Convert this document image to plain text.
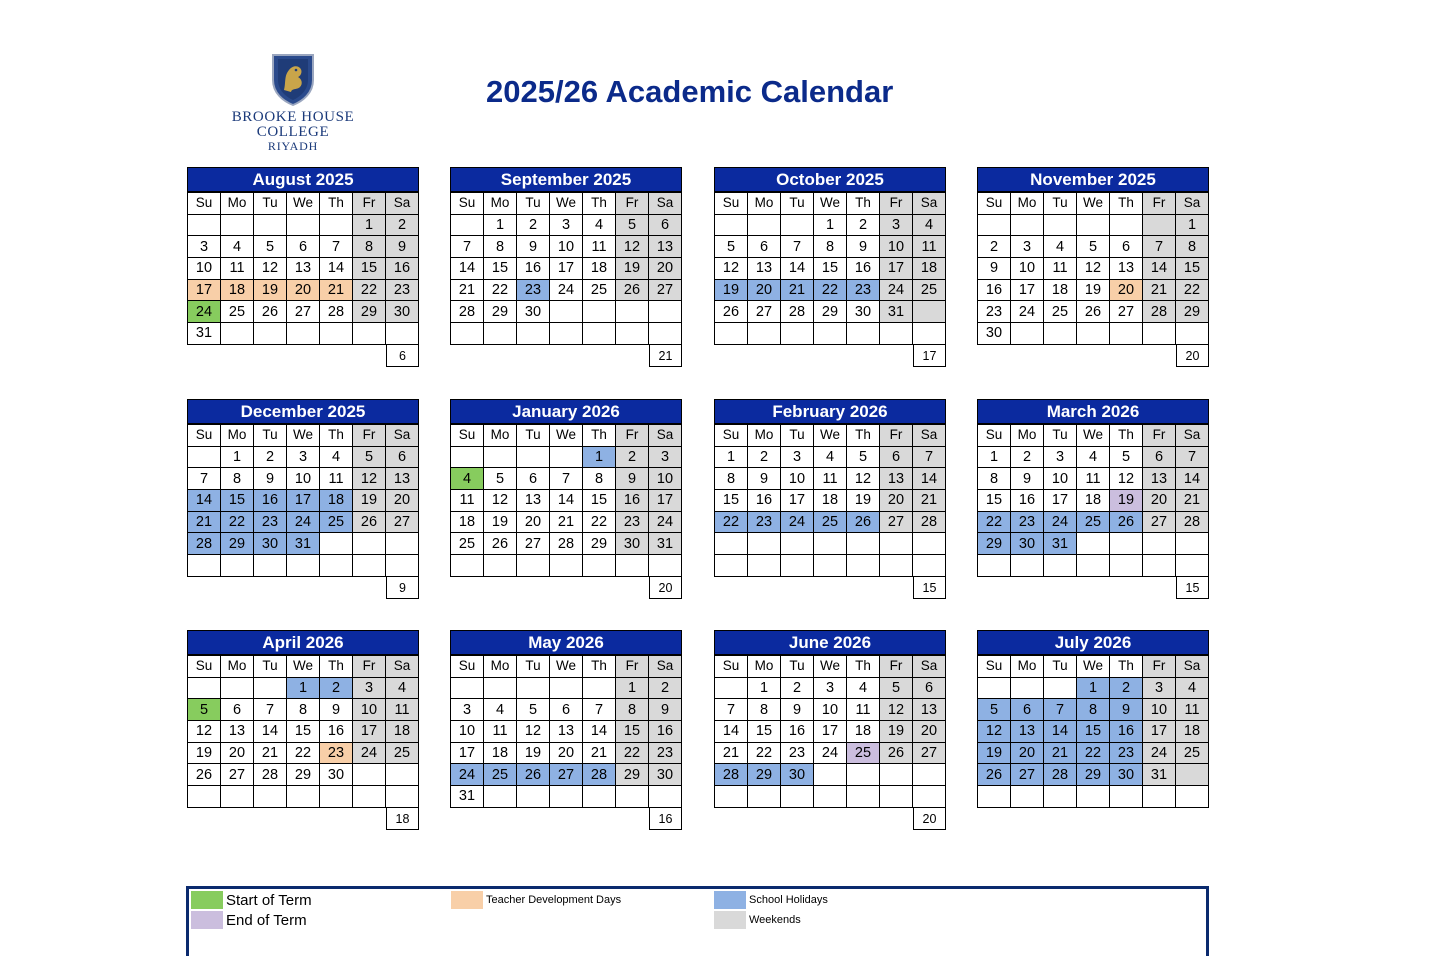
BROOKE HOUSE COLLEGE
RIYADH
2025/26 Academic Calendar
August 2025
Su	Mo	Tu	We	Th	Fr	Sa
					1	2
3	4	5	6	7	8	9
10	11	12	13	14	15	16
17	18	19	20	21	22	23
24	25	26	27	28	29	30
31						
6
September 2025
Su	Mo	Tu	We	Th	Fr	Sa
	1	2	3	4	5	6
7	8	9	10	11	12	13
14	15	16	17	18	19	20
21	22	23	24	25	26	27
28	29	30				

21
October 2025
Su	Mo	Tu	We	Th	Fr	Sa
			1	2	3	4
5	6	7	8	9	10	11
12	13	14	15	16	17	18
19	20	21	22	23	24	25
26	27	28	29	30	31	

17
November 2025
Su	Mo	Tu	We	Th	Fr	Sa
						1
2	3	4	5	6	7	8
9	10	11	12	13	14	15
16	17	18	19	20	21	22
23	24	25	26	27	28	29
30						
20
December 2025
Su	Mo	Tu	We	Th	Fr	Sa
	1	2	3	4	5	6
7	8	9	10	11	12	13
14	15	16	17	18	19	20
21	22	23	24	25	26	27
28	29	30	31			

9
January 2026
Su	Mo	Tu	We	Th	Fr	Sa
				1	2	3
4	5	6	7	8	9	10
11	12	13	14	15	16	17
18	19	20	21	22	23	24
25	26	27	28	29	30	31

20
February 2026
Su	Mo	Tu	We	Th	Fr	Sa
1	2	3	4	5	6	7
8	9	10	11	12	13	14
15	16	17	18	19	20	21
22	23	24	25	26	27	28

15
March 2026
Su	Mo	Tu	We	Th	Fr	Sa
1	2	3	4	5	6	7
8	9	10	11	12	13	14
15	16	17	18	19	20	21
22	23	24	25	26	27	28
29	30	31				

15
April 2026
Su	Mo	Tu	We	Th	Fr	Sa
			1	2	3	4
5	6	7	8	9	10	11
12	13	14	15	16	17	18
19	20	21	22	23	24	25
26	27	28	29	30		

18
May 2026
Su	Mo	Tu	We	Th	Fr	Sa
					1	2
3	4	5	6	7	8	9
10	11	12	13	14	15	16
17	18	19	20	21	22	23
24	25	26	27	28	29	30
31						
16
June 2026
Su	Mo	Tu	We	Th	Fr	Sa
	1	2	3	4	5	6
7	8	9	10	11	12	13
14	15	16	17	18	19	20
21	22	23	24	25	26	27
28	29	30				

20
July 2026
Su	Mo	Tu	We	Th	Fr	Sa
			1	2	3	4
5	6	7	8	9	10	11
12	13	14	15	16	17	18
19	20	21	22	23	24	25
26	27	28	29	30	31	

Start of Term
End of Term
Teacher Development Days	School Holidays
Weekends
